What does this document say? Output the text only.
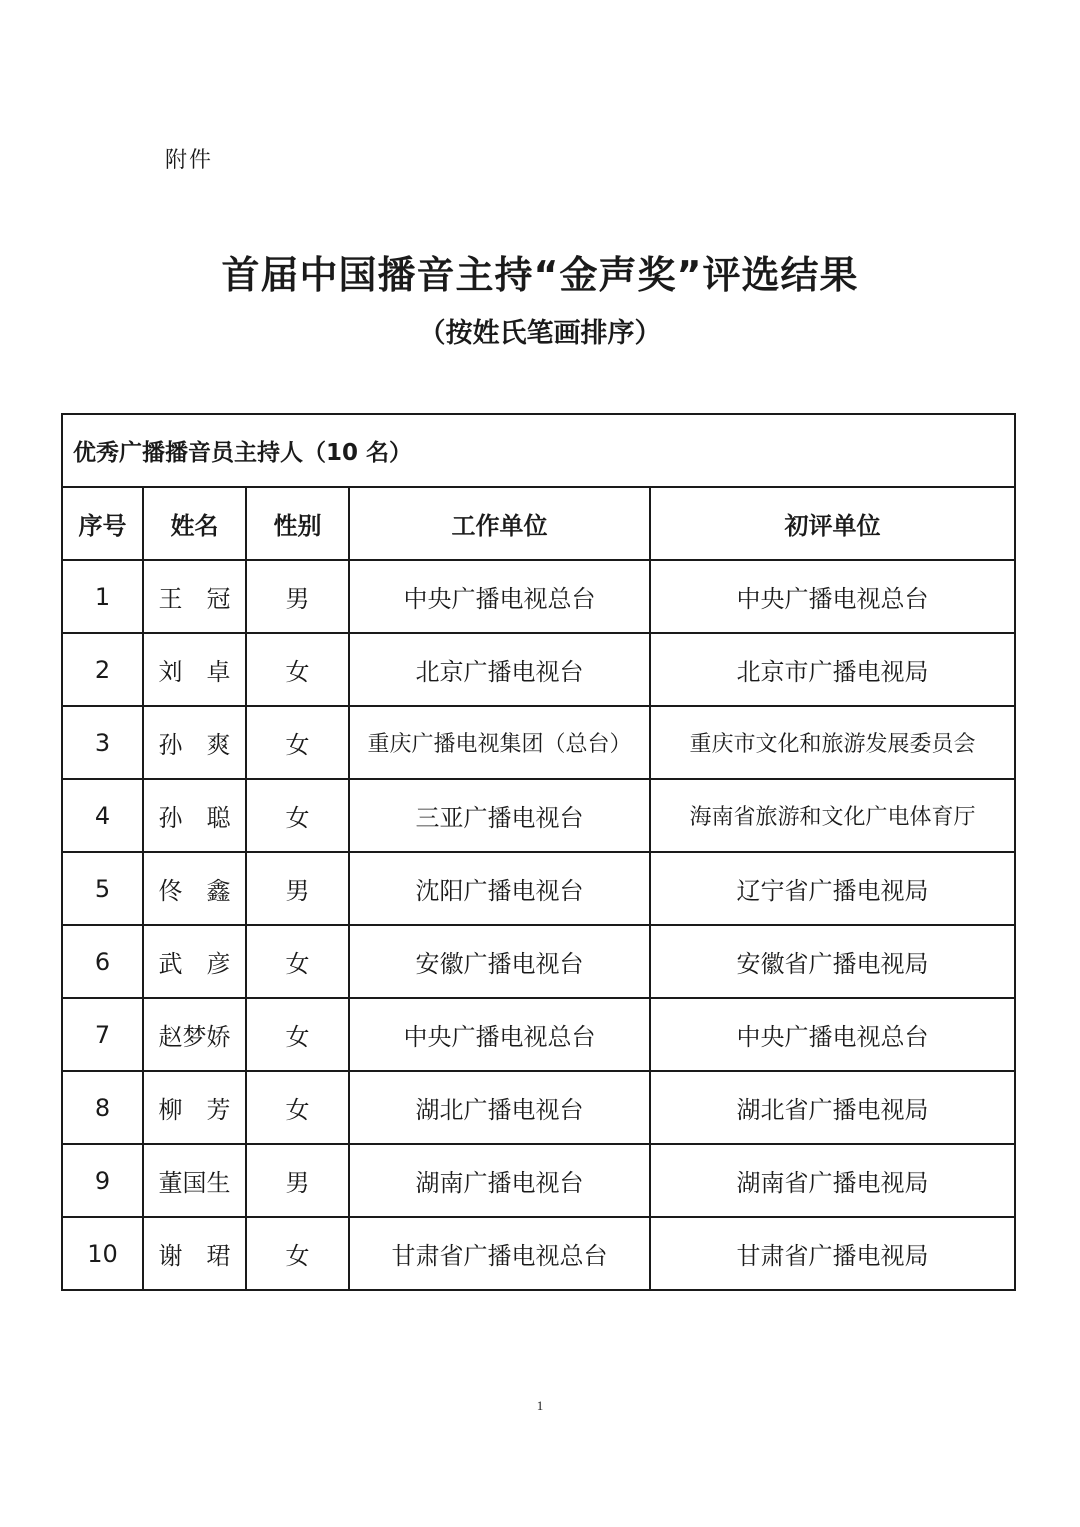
附件
首届中国播音主持“金声奖”评选结果
（按姓氏笔画排序）
优秀广播播音员主持人（10 名）				
序号	姓名	性别	工作单位	初评单位
1	王　冠	男	中央广播电视总台	中央广播电视总台
2	刘　卓	女	北京广播电视台	北京市广播电视局
3	孙　爽	女	重庆广播电视集团（总台）	重庆市文化和旅游发展委员会
4	孙　聪	女	三亚广播电视台	海南省旅游和文化广电体育厅
5	佟　鑫	男	沈阳广播电视台	辽宁省广播电视局
6	武　彦	女	安徽广播电视台	安徽省广播电视局
7	赵梦娇	女	中央广播电视总台	中央广播电视总台
8	柳　芳	女	湖北广播电视台	湖北省广播电视局
9	董国生	男	湖南广播电视台	湖南省广播电视局
10	谢　珺	女	甘肃省广播电视总台	甘肃省广播电视局
1
